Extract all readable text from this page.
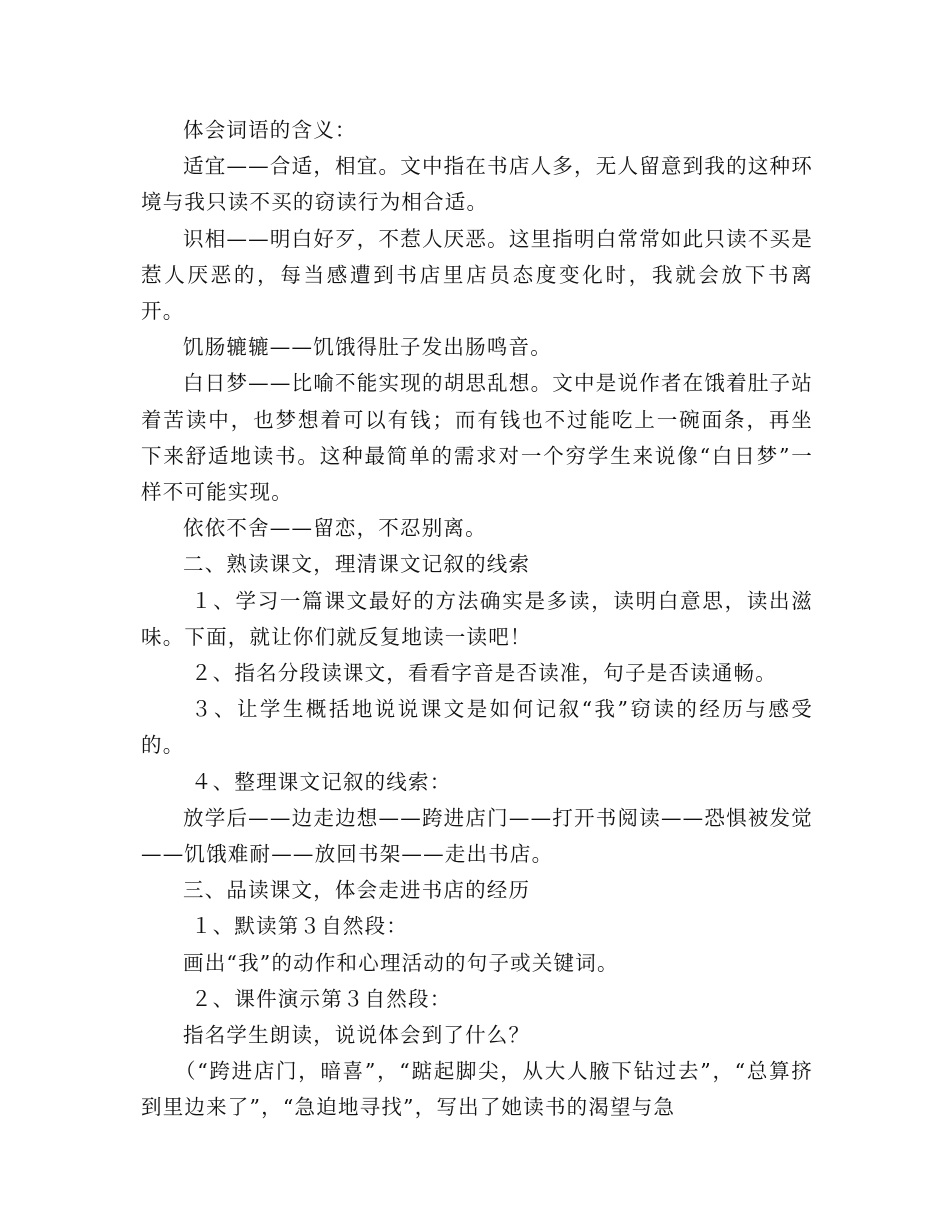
体会词语的含义：

适宜——合适，相宜。文中指在书店人多，无人留意到我的这种环境与我只读不买的窃读行为相合适。

识相——明白好歹，不惹人厌恶。这里指明白常常如此只读不买是惹人厌恶的，每当感遭到书店里店员态度变化时，我就会放下书离开。

饥肠辘辘——饥饿得肚子发出肠鸣音。

白日梦——比喻不能实现的胡思乱想。文中是说作者在饿着肚子站着苦读中，也梦想着可以有钱；而有钱也不过能吃上一碗面条，再坐下来舒适地读书。这种最简单的需求对一个穷学生来说像“白日梦”一样不可能实现。

依依不舍——留恋，不忍别离。

二、熟读课文，理清课文记叙的线索

１、学习一篇课文最好的方法确实是多读，读明白意思，读出滋味。下面，就让你们就反复地读一读吧！

２、指名分段读课文，看看字音是否读准，句子是否读通畅。

３、让学生概括地说说课文是如何记叙“我”窃读的经历与感受的。

４、整理课文记叙的线索：

放学后——边走边想——跨进店门——打开书阅读——恐惧被发觉——饥饿难耐——放回书架——走出书店。

三、品读课文，体会走进书店的经历

１、默读第３自然段：

画出“我”的动作和心理活动的句子或关键词。

２、课件演示第３自然段：

指名学生朗读，说说体会到了什么？

（“跨进店门，暗喜”，“踮起脚尖，从大人腋下钻过去”，“总算挤到里边来了”，“急迫地寻找”，写出了她读书的渴望与急
